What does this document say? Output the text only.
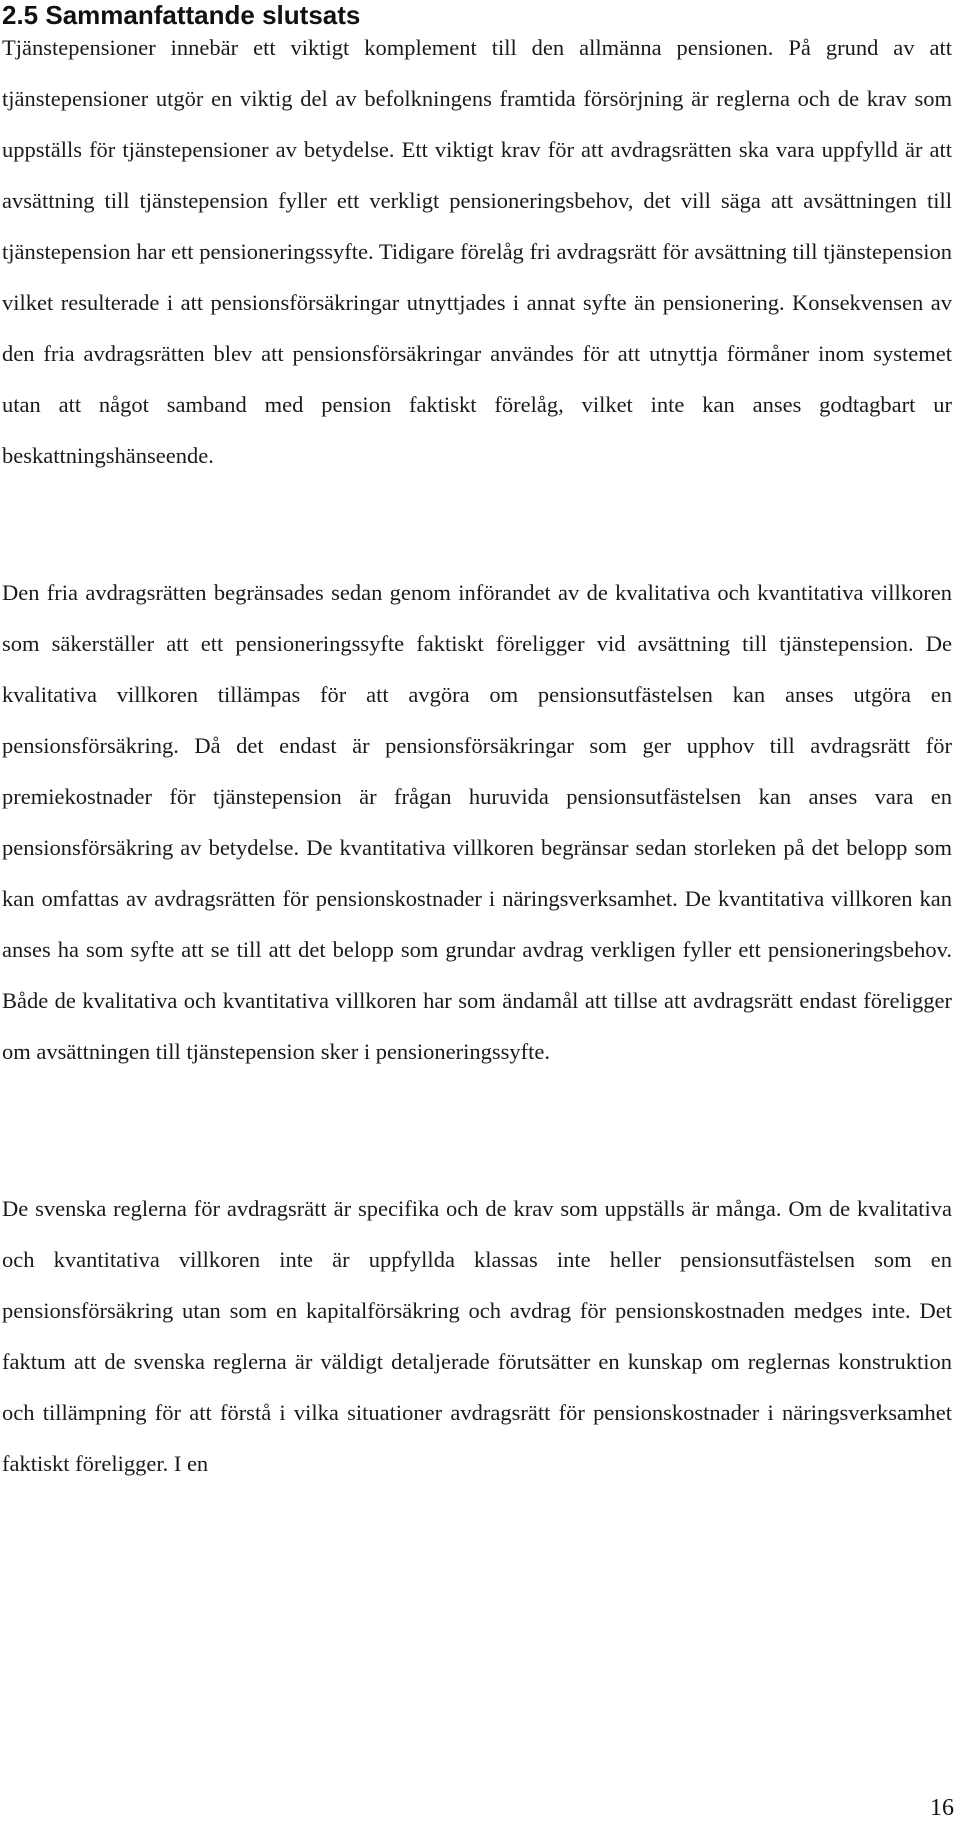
2.5 Sammanfattande slutsats

Tjänstepensioner innebär ett viktigt komplement till den allmänna pensionen. På grund av att tjänstepensioner utgör en viktig del av befolkningens framtida försörjning är reglerna och de krav som uppställs för tjänstepensioner av betydelse. Ett viktigt krav för att avdragsrätten ska vara uppfylld är att avsättning till tjänstepension fyller ett verkligt pensioneringsbehov, det vill säga att avsättningen till tjänstepension har ett pensioneringssyfte. Tidigare förelåg fri avdragsrätt för avsättning till tjänstepension vilket resulterade i att pensionsförsäkringar utnyttjades i annat syfte än pensionering. Konsekvensen av den fria avdragsrätten blev att pensionsförsäkringar användes för att utnyttja förmåner inom systemet utan att något samband med pension faktiskt förelåg, vilket inte kan anses godtagbart ur beskattningshänseende.

Den fria avdragsrätten begränsades sedan genom införandet av de kvalitativa och kvantitativa villkoren som säkerställer att ett pensioneringssyfte faktiskt föreligger vid avsättning till tjänstepension. De kvalitativa villkoren tillämpas för att avgöra om pensionsutfästelsen kan anses utgöra en pensionsförsäkring. Då det endast är pensionsförsäkringar som ger upphov till avdragsrätt för premiekostnader för tjänstepension är frågan huruvida pensionsutfästelsen kan anses vara en pensionsförsäkring av betydelse. De kvantitativa villkoren begränsar sedan storleken på det belopp som kan omfattas av avdragsrätten för pensionskostnader i näringsverksamhet. De kvantitativa villkoren kan anses ha som syfte att se till att det belopp som grundar avdrag verkligen fyller ett pensioneringsbehov. Både de kvalitativa och kvantitativa villkoren har som ändamål att tillse att avdragsrätt endast föreligger om avsättningen till tjänstepension sker i pensioneringssyfte.

De svenska reglerna för avdragsrätt är specifika och de krav som uppställs är många. Om de kvalitativa och kvantitativa villkoren inte är uppfyllda klassas inte heller pensionsutfästelsen som en pensionsförsäkring utan som en kapitalförsäkring och avdrag för pensionskostnaden medges inte. Det faktum att de svenska reglerna är väldigt detaljerade förutsätter en kunskap om reglernas konstruktion och tillämpning för att förstå i vilka situationer avdragsrätt för pensionskostnader i näringsverksamhet faktiskt föreligger. I en

16
